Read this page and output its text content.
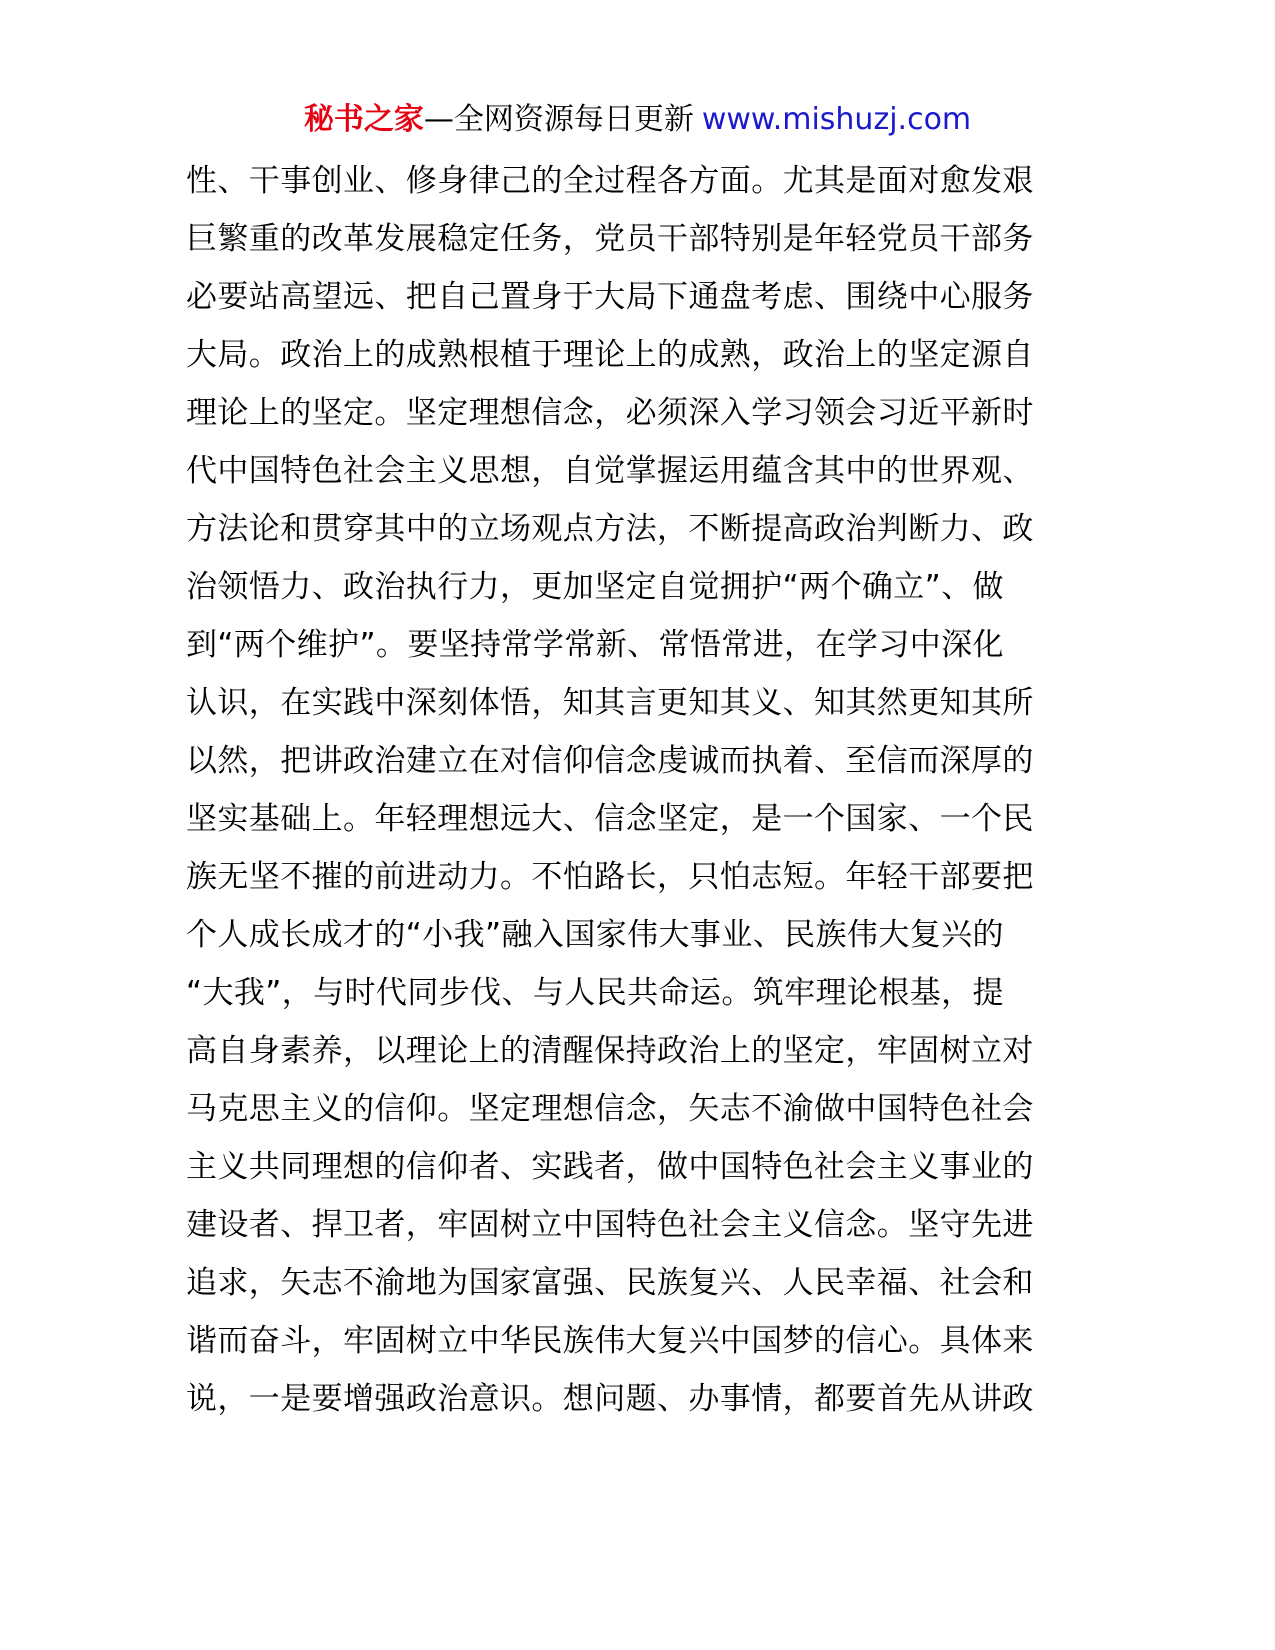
秘书之家—全网资源每日更新 www.mishuzj.com
性、干事创业、修身律己的全过程各方面。尤其是面对愈发艰
巨繁重的改革发展稳定任务，党员干部特别是年轻党员干部务
必要站高望远、把自己置身于大局下通盘考虑、围绕中心服务
大局。政治上的成熟根植于理论上的成熟，政治上的坚定源自
理论上的坚定。坚定理想信念，必须深入学习领会习近平新时
代中国特色社会主义思想，自觉掌握运用蕴含其中的世界观、
方法论和贯穿其中的立场观点方法，不断提高政治判断力、政
治领悟力、政治执行力，更加坚定自觉拥护“两个确立”、做
到“两个维护”。要坚持常学常新、常悟常进，在学习中深化
认识，在实践中深刻体悟，知其言更知其义、知其然更知其所
以然，把讲政治建立在对信仰信念虔诚而执着、至信而深厚的
坚实基础上。年轻理想远大、信念坚定，是一个国家、一个民
族无坚不摧的前进动力。不怕路长，只怕志短。年轻干部要把
个人成长成才的“小我”融入国家伟大事业、民族伟大复兴的
“大我”，与时代同步伐、与人民共命运。筑牢理论根基，提
高自身素养，以理论上的清醒保持政治上的坚定，牢固树立对
马克思主义的信仰。坚定理想信念，矢志不渝做中国特色社会
主义共同理想的信仰者、实践者，做中国特色社会主义事业的
建设者、捍卫者，牢固树立中国特色社会主义信念。坚守先进
追求，矢志不渝地为国家富强、民族复兴、人民幸福、社会和
谐而奋斗，牢固树立中华民族伟大复兴中国梦的信心。具体来
说，一是要增强政治意识。想问题、办事情，都要首先从讲政
